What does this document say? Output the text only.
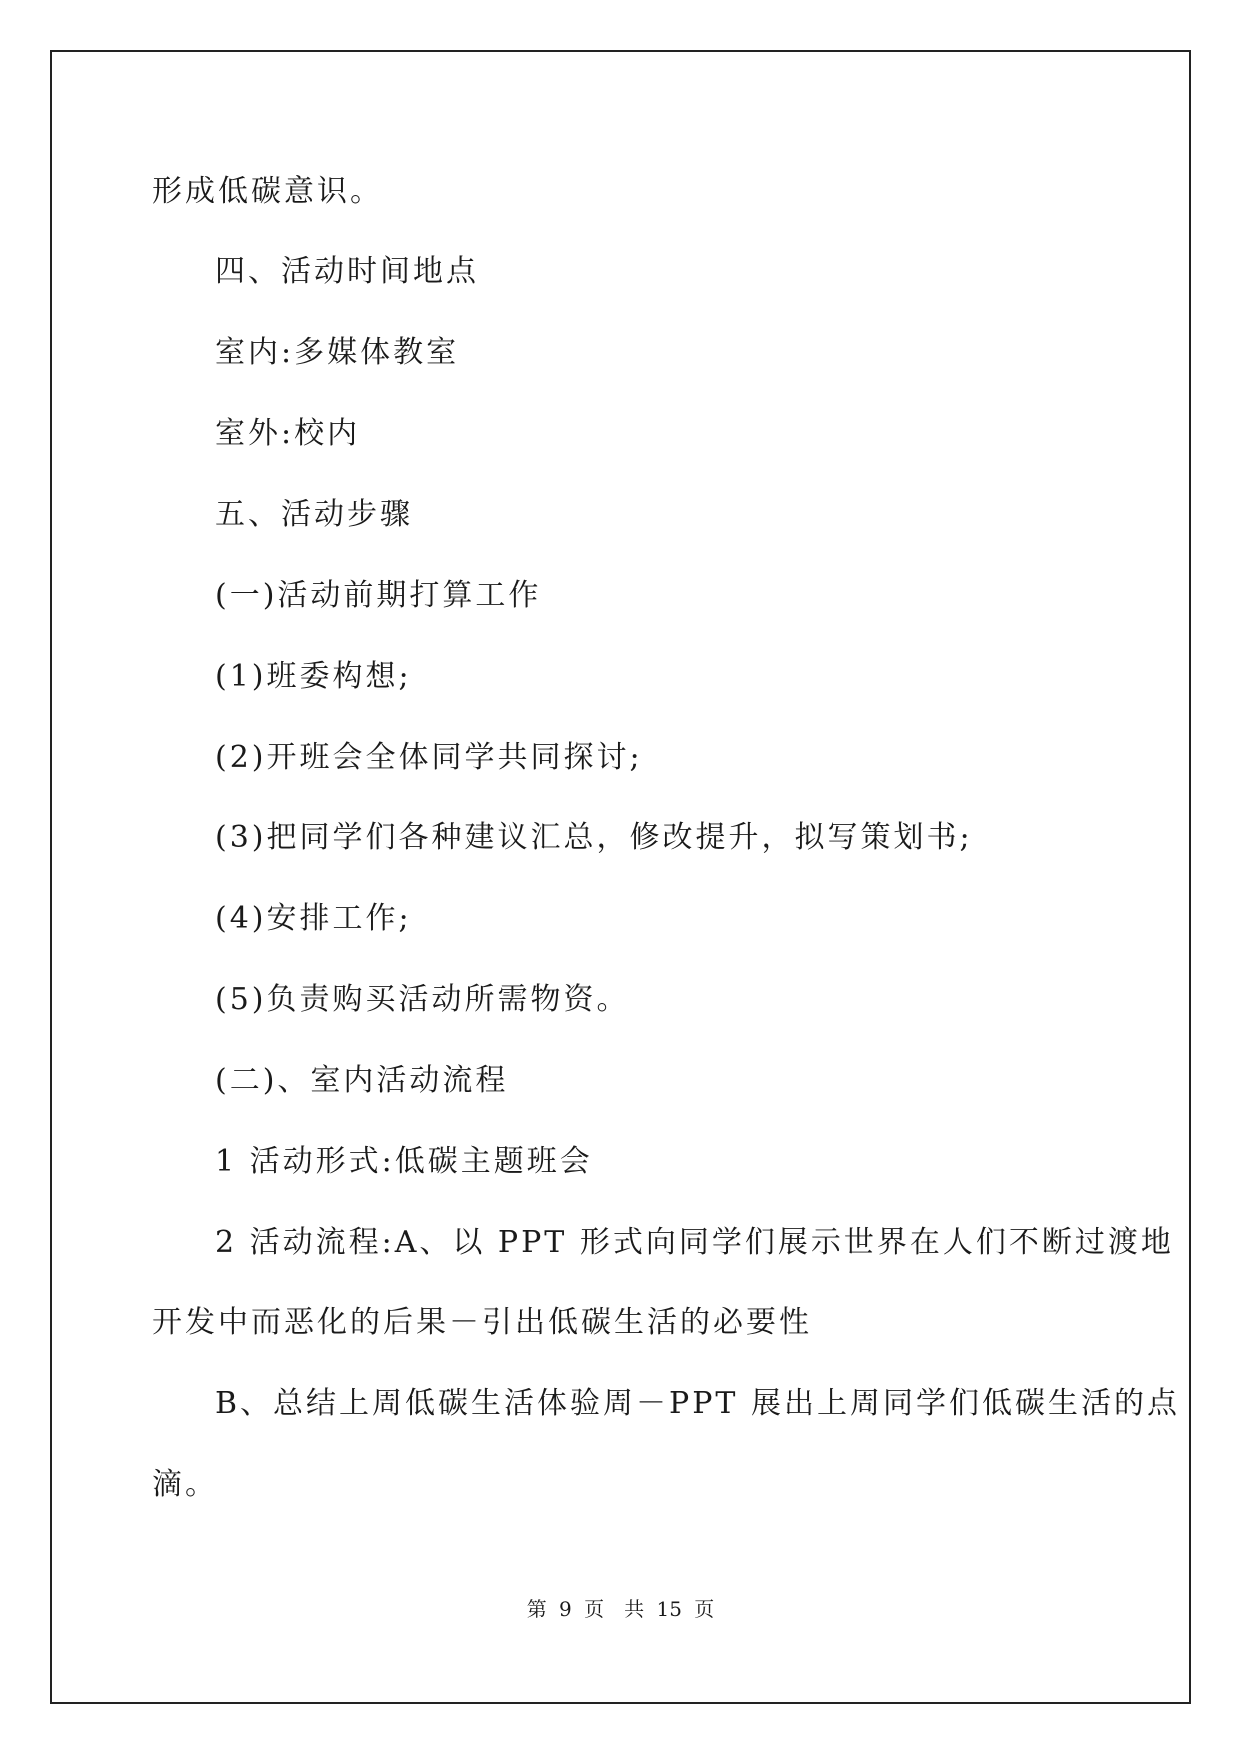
形成低碳意识。
四、活动时间地点
室内:多媒体教室
室外:校内
五、活动步骤
(一)活动前期打算工作
(1)班委构想;
(2)开班会全体同学共同探讨;
(3)把同学们各种建议汇总，修改提升，拟写策划书;
(4)安排工作;
(5)负责购买活动所需物资。
(二)、室内活动流程
1 活动形式:低碳主题班会
2 活动流程:A、以 PPT 形式向同学们展示世界在人们不断过渡地
开发中而恶化的后果－引出低碳生活的必要性
B、总结上周低碳生活体验周－PPT 展出上周同学们低碳生活的点
滴。
第 9 页　共 15 页
